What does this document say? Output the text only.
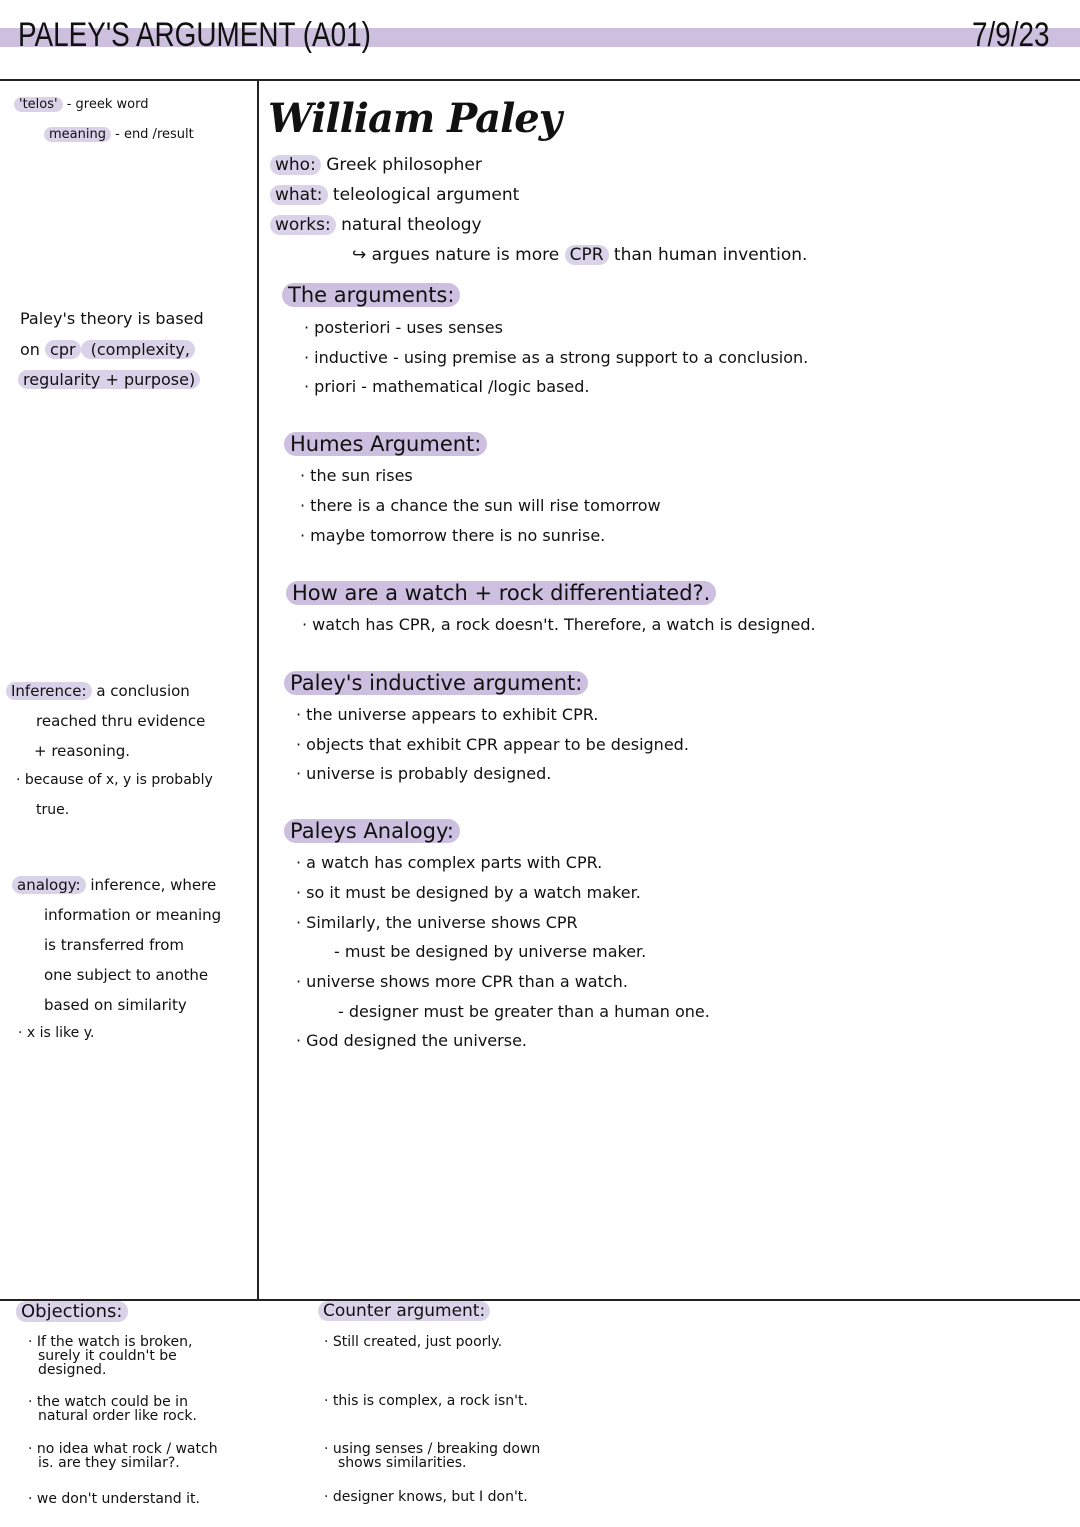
PALEY'S ARGUMENT (A01)	7/9/23
'telos' - greek word
meaning - end /result
Paley's theory is based
on cpr (complexity,
regularity + purpose)
Inference: a conclusion
reached thru evidence
+ reasoning.
· because of x, y is probably
true.
analogy: inference, where
information or meaning
is transferred from
one subject to anothe
based on similarity
· x is like y.
William Paley
who: Greek philosopher
what: teleological argument
works: natural theology
↪ argues nature is more CPR than human invention.
The arguments:
· posteriori - uses senses
· inductive - using premise as a strong support to a conclusion.
· priori - mathematical /logic based.
Humes Argument:
· the sun rises
· there is a chance the sun will rise tomorrow
· maybe tomorrow there is no sunrise.
How are a watch + rock differentiated?.
· watch has CPR, a rock doesn't. Therefore, a watch is designed.
Paley's inductive argument:
· the universe appears to exhibit CPR.
· objects that exhibit CPR appear to be designed.
· universe is probably designed.
Paleys Analogy:
· a watch has complex parts with CPR.
· so it must be designed by a watch maker.
· Similarly, the universe shows CPR
- must be designed by universe maker.
· universe shows more CPR than a watch.
- designer must be greater than a human one.
· God designed the universe.
Objections:
· If the watch is broken,
surely it couldn't be
designed.
· the watch could be in
natural order like rock.
· no idea what rock / watch
is. are they similar?.
· we don't understand it.
Counter argument:
· Still created, just poorly.
· this is complex, a rock isn't.
· using senses / breaking down
shows similarities.
· designer knows, but I don't.
